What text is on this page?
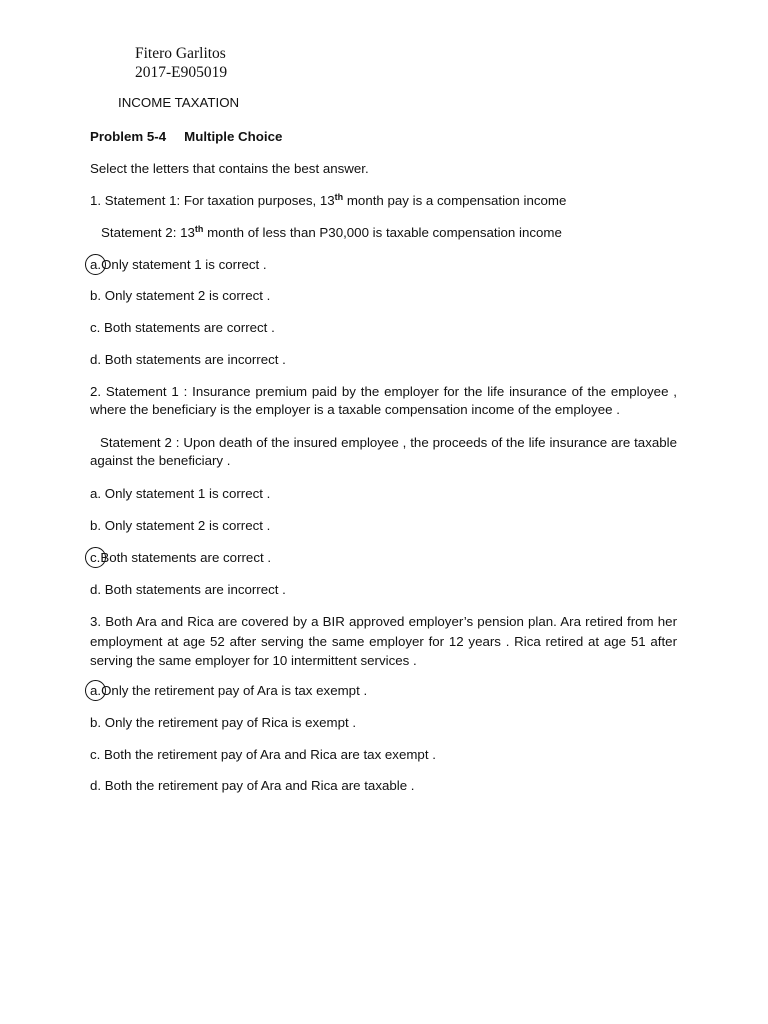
Fitero Garlitos
2017-E905019
INCOME TAXATION
Problem 5-4 Multiple Choice
Select the letters that contains the best answer.
1. Statement 1: For taxation purposes, 13th month pay is a compensation income
Statement 2: 13th month of less than P30,000 is taxable compensation income
a.Only statement 1 is correct .
b. Only statement 2 is correct .
c. Both statements are correct .
d. Both statements are incorrect .
2. Statement 1 : Insurance premium paid by the employer for the life insurance of the employee , where the beneficiary is the employer is a taxable compensation income of the employee .
Statement 2 : Upon death of the insured employee , the proceeds of the life insurance are taxable against the beneficiary .
a. Only statement 1 is correct .
b. Only statement 2 is correct .
c.Both statements are correct .
d. Both statements are incorrect .
3. Both Ara and Rica are covered by a BIR approved employer’s pension plan. Ara retired from her employment at age 52 after serving the same employer for 12 years . Rica retired at age 51 after serving the same employer for 10 intermittent services .
a.Only the retirement pay of Ara is tax exempt .
b. Only the retirement pay of Rica is exempt .
c. Both the retirement pay of Ara and Rica are tax exempt .
d. Both the retirement pay of Ara and Rica are taxable .
